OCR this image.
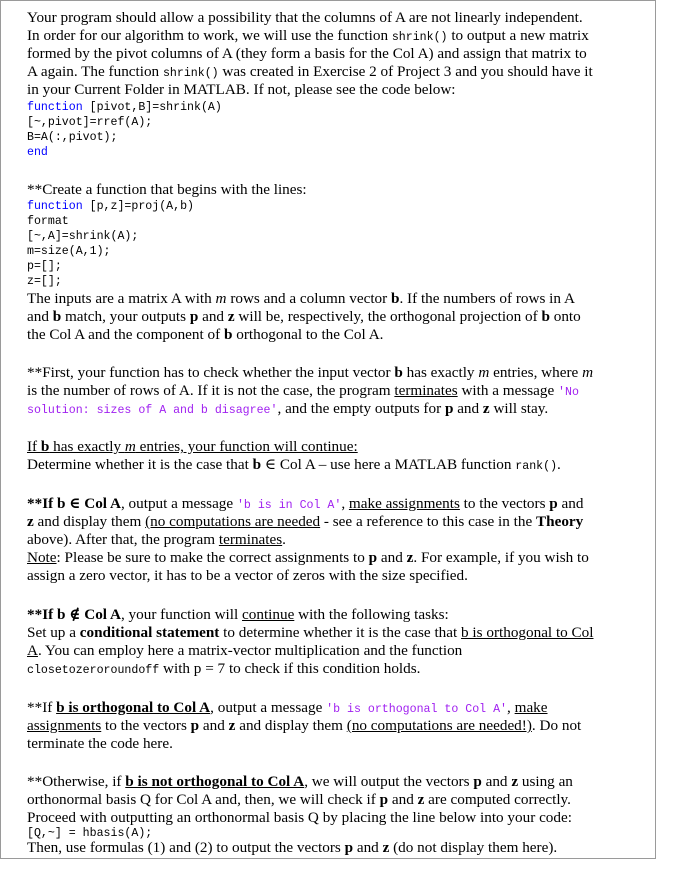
Your program should allow a possibility that the columns of A are not linearly independent.
In order for our algorithm to work, we will use the function shrink() to output a new matrix
formed by the pivot columns of A (they form a basis for the Col A) and assign that matrix to
A again. The function shrink() was created in Exercise 2 of Project 3 and you should have it
in your Current Folder in MATLAB. If not, please see the code below:
function [pivot,B]=shrink(A)
[~,pivot]=rref(A);
B=A(:,pivot);
end
**Create a function that begins with the lines:
function [p,z]=proj(A,b)
format
[~,A]=shrink(A);
m=size(A,1);
p=[];
z=[];
The inputs are a matrix A with m rows and a column vector b. If the numbers of rows in A
and b match, your outputs p and z will be, respectively, the orthogonal projection of b onto
the Col A and the component of b orthogonal to the Col A.
**First, your function has to check whether the input vector b has exactly m entries, where m
is the number of rows of A. If it is not the case, the program terminates with a message 'No
solution: sizes of A and b disagree', and the empty outputs for p and z will stay.
If b has exactly m entries, your function will continue:
Determine whether it is the case that b ∈ Col A – use here a MATLAB function rank().
**If b ∈ Col A, output a message 'b is in Col A', make assignments to the vectors p and
z and display them (no computations are needed - see a reference to this case in the Theory
above). After that, the program terminates.
Note: Please be sure to make the correct assignments to p and z. For example, if you wish to
assign a zero vector, it has to be a vector of zeros with the size specified.
**If b ∉ Col A, your function will continue with the following tasks:
Set up a conditional statement to determine whether it is the case that b is orthogonal to Col
A. You can employ here a matrix-vector multiplication and the function
closetozeroroundoff with p = 7 to check if this condition holds.
**If b is orthogonal to Col A, output a message 'b is orthogonal to Col A', make
assignments to the vectors p and z and display them (no computations are needed!). Do not
terminate the code here.
**Otherwise, if b is not orthogonal to Col A, we will output the vectors p and z using an
orthonormal basis Q for Col A and, then, we will check if p and z are computed correctly.
Proceed with outputting an orthonormal basis Q by placing the line below into your code:
[Q,~] = hbasis(A);
Then, use formulas (1) and (2) to output the vectors p and z (do not display them here).
